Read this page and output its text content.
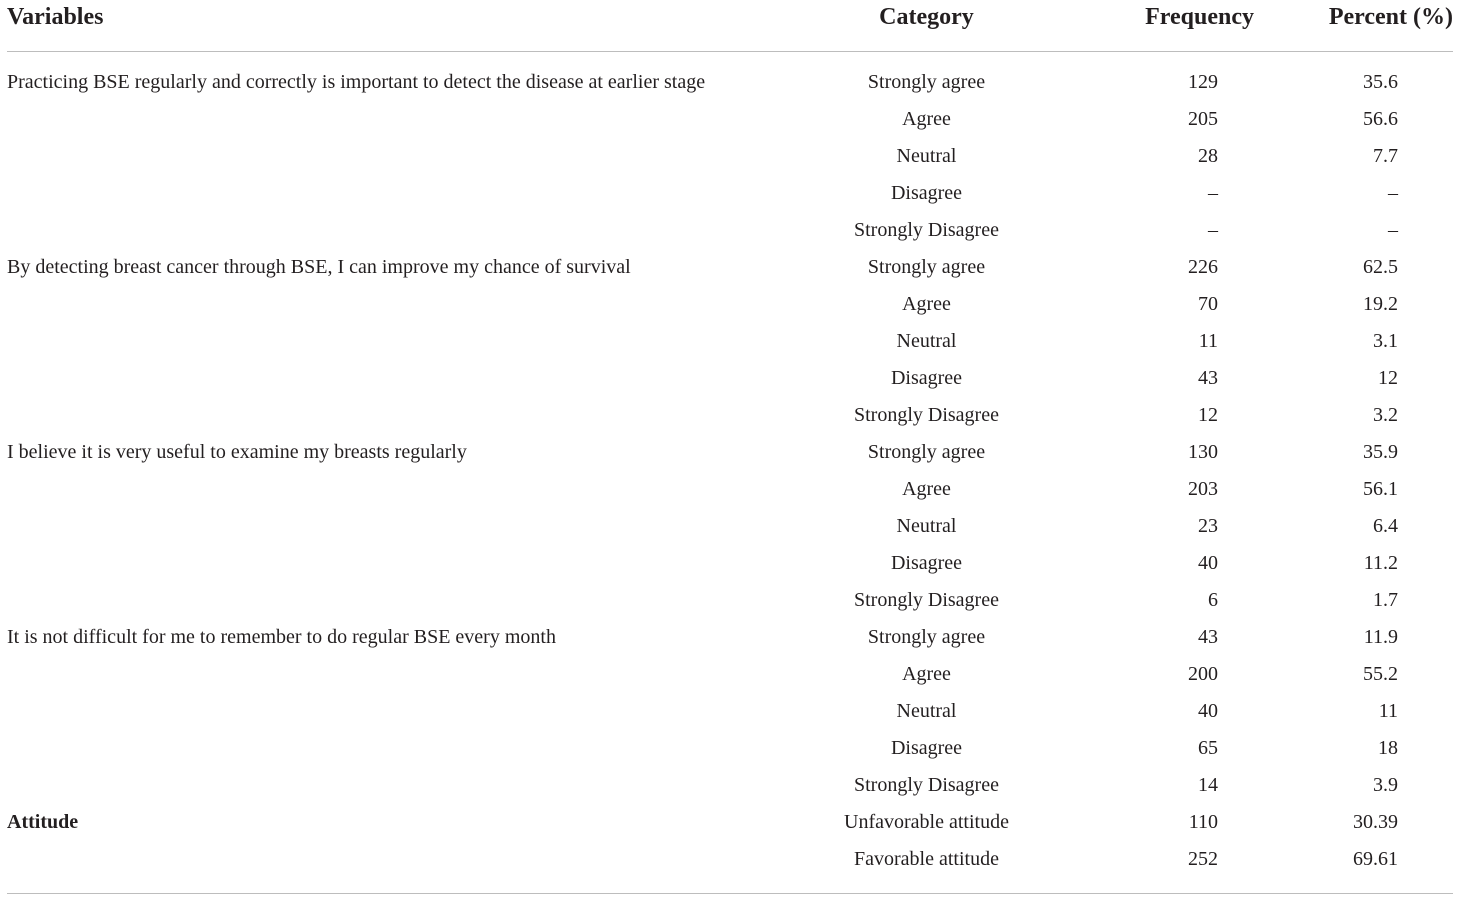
Variables	Category	Frequency	Percent (%)
Practicing BSE regularly and correctly is important to detect the disease at earlier stage	Strongly agree	129	35.6
	Agree	205	56.6
	Neutral	28	7.7
	Disagree	–	–
	Strongly Disagree	–	–
By detecting breast cancer through BSE, I can improve my chance of survival	Strongly agree	226	62.5
	Agree	70	19.2
	Neutral	11	3.1
	Disagree	43	12
	Strongly Disagree	12	3.2
I believe it is very useful to examine my breasts regularly	Strongly agree	130	35.9
	Agree	203	56.1
	Neutral	23	6.4
	Disagree	40	11.2
	Strongly Disagree	6	1.7
It is not difficult for me to remember to do regular BSE every month	Strongly agree	43	11.9
	Agree	200	55.2
	Neutral	40	11
	Disagree	65	18
	Strongly Disagree	14	3.9
Attitude	Unfavorable attitude	110	30.39
	Favorable attitude	252	69.61
